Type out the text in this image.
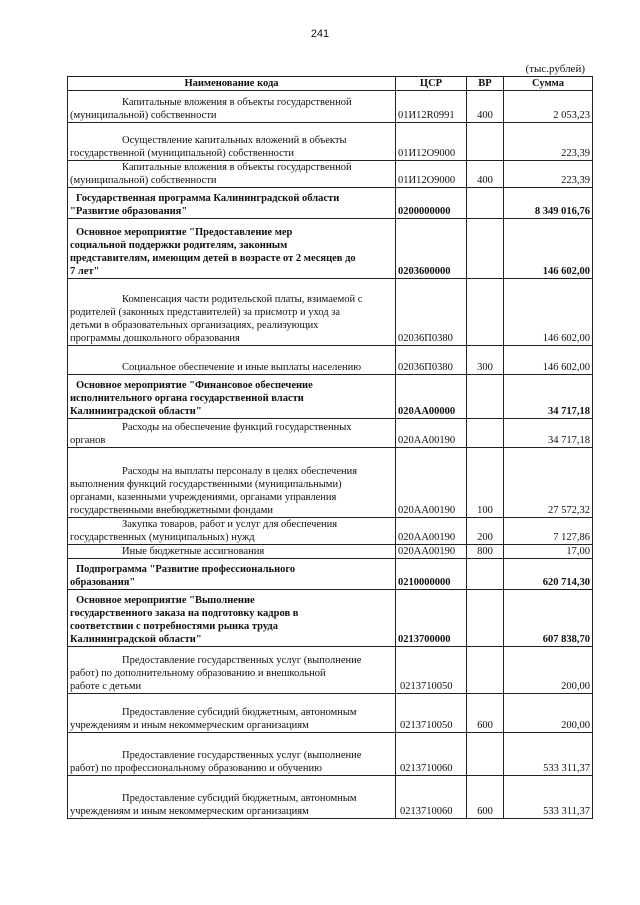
241
(тыс.рублей)
Наименование кода	ЦСР	ВР	Сумма

Капитальные вложения в объекты государственной
(муниципальной) собственности	01И12R0991	400	2 053,23

Осуществление капитальных вложений в объекты
государственной (муниципальной) собственности	01И12О9000		223,39

Капитальные вложения в объекты государственной
(муниципальной) собственности	01И12О9000	400	223,39

Государственная программа Калининградской области
"Развитие образования"	0200000000		8 349 016,76

Основное мероприятие "Предоставление мер
социальной поддержки родителям, законным
представителям, имеющим детей в возрасте от 2 месяцев до
7 лет"	0203600000		146 602,00

Компенсация части родительской платы, взимаемой с
родителей (законных представителей) за присмотр и уход за
детьми в образовательных организациях, реализующих
программы дошкольного образования	02036П0380		146 602,00

Социальное обеспечение и иные выплаты населению	02036П0380	300	146 602,00

Основное мероприятие "Финансовое обеспечение
исполнительного органа государственной власти
Калининградской области"	020АА00000		34 717,18

Расходы на обеспечение функций государственных
органов	020АА00190		34 717,18

Расходы на выплаты персоналу в целях обеспечения
выполнения функций государственными (муниципальными)
органами, казенными учреждениями, органами управления
государственными внебюджетными фондами	020АА00190	100	27 572,32

Закупка товаров, работ и услуг для обеспечения
государственных (муниципальных) нужд	020АА00190	200	7 127,86

Иные бюджетные ассигнования	020АА00190	800	17,00

Подпрограмма "Развитие профессионального
образования"	0210000000		620 714,30

Основное мероприятие "Выполнение
государственного заказа на подготовку кадров в
соответствии с потребностями рынка труда
Калининградской области"	0213700000		607 838,70

Предоставление государственных услуг (выполнение
работ) по дополнительному образованию и внешкольной
работе с детьми	0213710050		200,00

Предоставление субсидий бюджетным, автономным
учреждениям и иным некоммерческим организациям	0213710050	600	200,00

Предоставление государственных услуг (выполнение
работ) по профессиональному образованию и обучению	0213710060		533 311,37

Предоставление субсидий бюджетным, автономным
учреждениям и иным некоммерческим организациям	0213710060	600	533 311,37
